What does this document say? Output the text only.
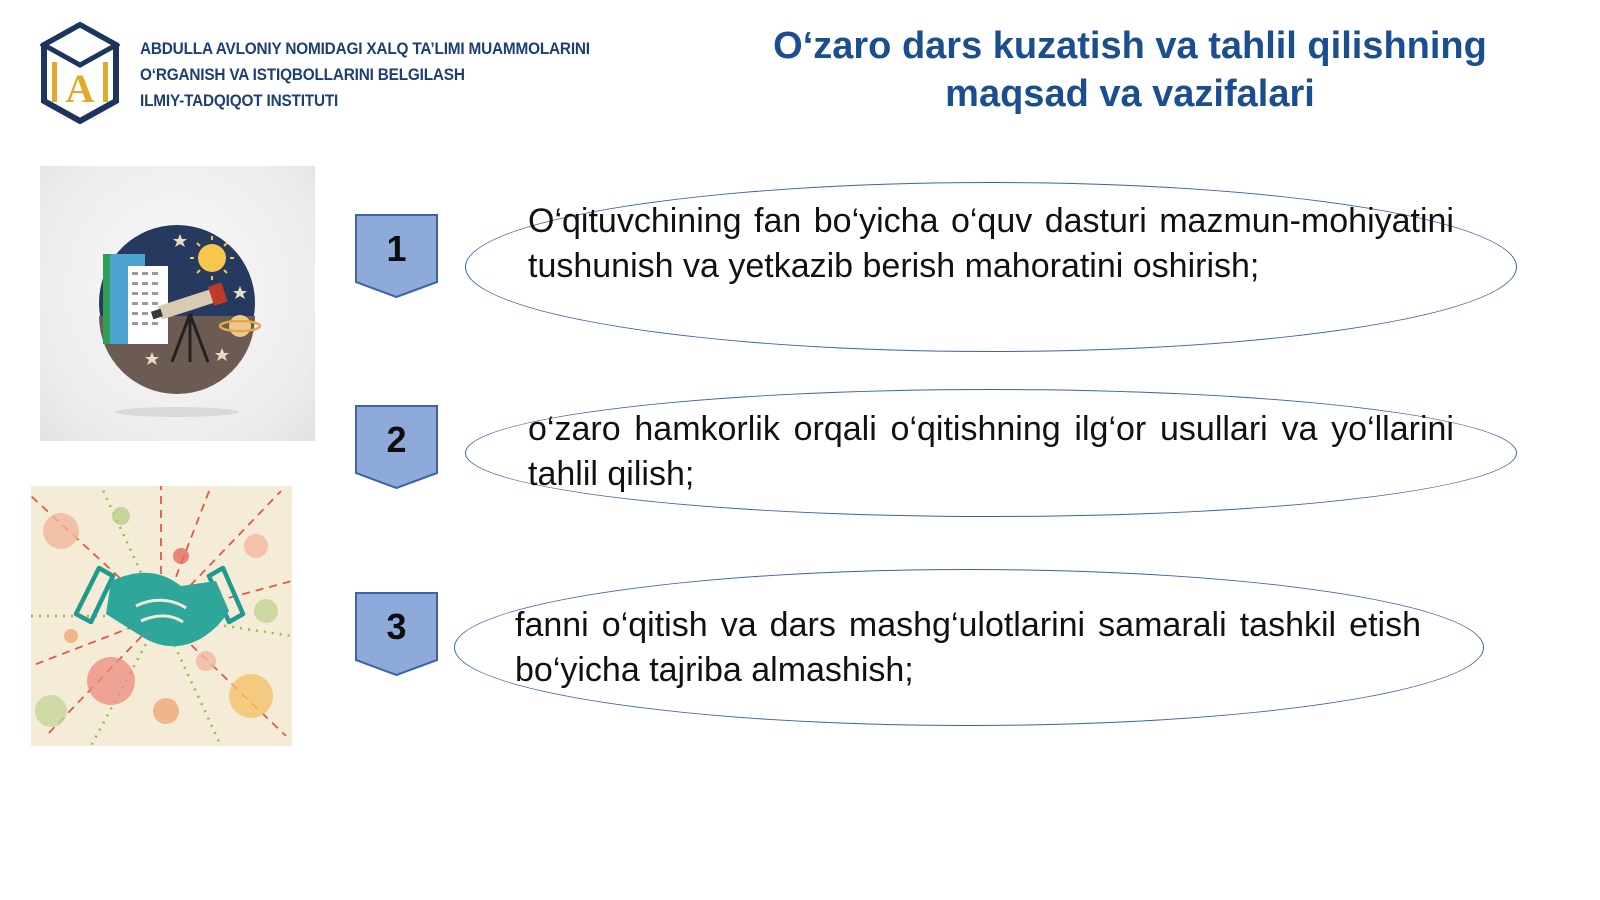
A
ABDULLA AVLONIY NOMIDAGI XALQ TA’LIMI MUAMMOLARINI
O‘RGANISH VA ISTIQBOLLARINI BELGILASH
ILMIY-TADQIQOT INSTITUTI
O‘zaro dars kuzatish va tahlil qilishning
maqsad va vazifalari
1
O‘qituvchining fan bo‘yicha o‘quv dasturi mazmun-mohiyatini tushunish va yetkazib berish mahoratini oshirish;
2	o‘zaro hamkorlik orqali o‘qitishning ilg‘or usullari va yo‘llarini tahlil qilish;
3	fanni o‘qitish va dars mashg‘ulotlarini samarali tashkil etish bo‘yicha tajriba almashish;
